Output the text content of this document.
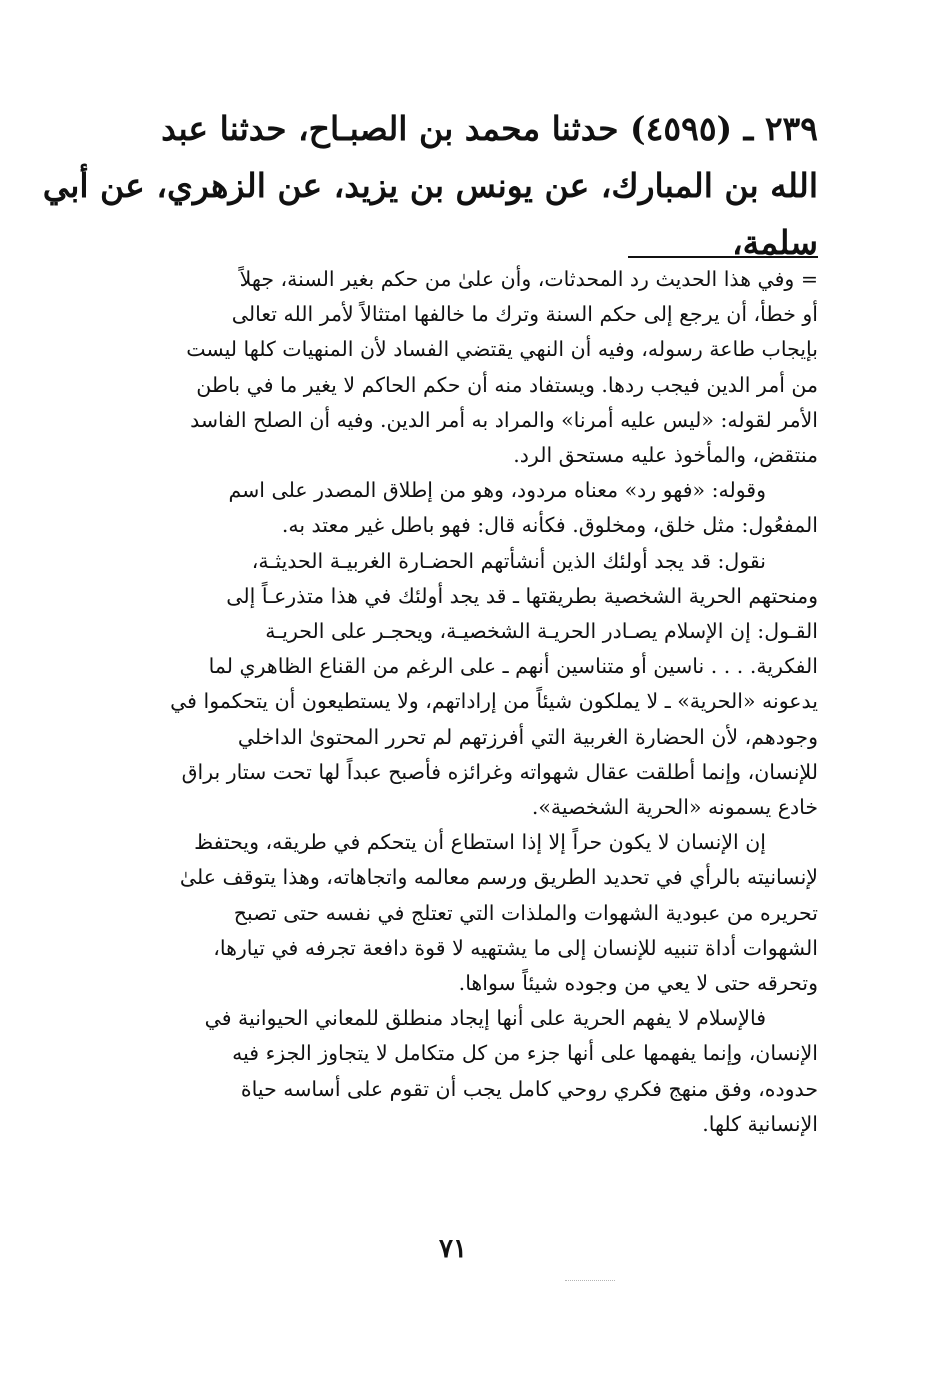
٢٣٩ ـ (٤٥٩٥) حدثنا محمد بن الصبـاح، حدثنا عبد
الله بن المبارك، عن يونس بن يزيد، عن الزهري، عن أبي
سلمة،

= وفي هذا الحديث رد المحدثات، وأن علىٰ من حكم بغير السنة، جهلاً
أو خطأ، أن يرجع إلى حكم السنة وترك ما خالفها امتثالاً لأمر الله تعالى
بإيجاب طاعة رسوله، وفيه أن النهي يقتضي الفساد لأن المنهيات كلها ليست
من أمر الدين فيجب ردها. ويستفاد منه أن حكم الحاكم لا يغير ما في باطن
الأمر لقوله: «ليس عليه أمرنا» والمراد به أمر الدين. وفيه أن الصلح الفاسد
منتقض، والمأخوذ عليه مستحق الرد.

وقوله: «فهو رد» معناه مردود، وهو من إطلاق المصدر على اسم
المفعُول: مثل خلق، ومخلوق. فكأنه قال: فهو باطل غير معتد به.

نقول: قد يجد أولئك الذين أنشأتهم الحضـارة الغربيـة الحديثـة،
ومنحتهم الحرية الشخصية بطريقتها ـ قد يجد أولئك في هذا متذرعـاً إلى
القـول: إن الإسلام يصـادر الحريـة الشخصيـة، ويحجـر على الحريـة
الفكرية. . . . ناسين أو متناسين أنهم ـ على الرغم من القناع الظاهري لما
يدعونه «الحرية» ـ لا يملكون شيئاً من إراداتهم، ولا يستطيعون أن يتحكموا في
وجودهم، لأن الحضارة الغربية التي أفرزتهم لم تحرر المحتوىٰ الداخلي
للإنسان، وإنما أطلقت عقال شهواته وغرائزه فأصبح عبداً لها تحت ستار براق
خادع يسمونه «الحرية الشخصية».

إن الإنسان لا يكون حراً إلا إذا استطاع أن يتحكم في طريقه، ويحتفظ
لإنسانيته بالرأي في تحديد الطريق ورسم معالمه واتجاهاته، وهذا يتوقف علىٰ
تحريره من عبودية الشهوات والملذات التي تعتلج في نفسه حتى تصبح
الشهوات أداة تنبيه للإنسان إلى ما يشتهيه لا قوة دافعة تجرفه في تيارها،
وتحرقه حتى لا يعي من وجوده شيئاً سواها.

فالإسلام لا يفهم الحرية على أنها إيجاد منطلق للمعاني الحيوانية في
الإنسان، وإنما يفهمها على أنها جزء من كل متكامل لا يتجاوز الجزء فيه
حدوده، وفق منهج فكري روحي كامل يجب أن تقوم على أساسه حياة
الإنسانية كلها.

٧١
